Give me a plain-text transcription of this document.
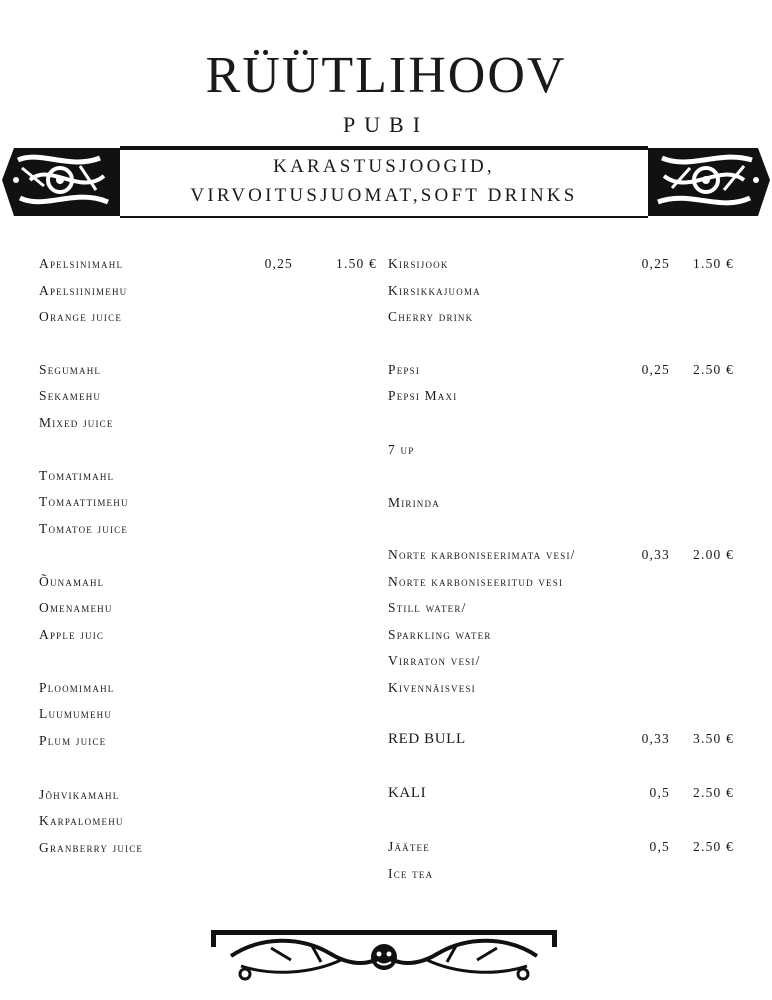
RÜÜTLIHOOV
PUBI
KARASTUSJOOGID,
VIRVOITUSJUOMAT,SOFT DRINKS
Apelsinimahl	0,25	1.50 €
Apelsiinimehu
Orange juice
Segumahl
Sekamehu
Mixed juice
Tomatimahl
Tomaattimehu
Tomatoe juice
Õunamahl
Omenamehu
Apple juic
Ploomimahl
Luumumehu
Plum juice
Jõhvikamahl
Karpalomehu
Granberry juice
Kirsijook	0,25	1.50 €
Kirsikkajuoma
Cherry drink
Pepsi	0,25	2.50 €
Pepsi Maxi
7 up
Mirinda
Norte karboniseerimata vesi/	0,33	2.00 €
Norte karboniseeritud vesi
Still water/
Sparkling water
Virraton vesi/
Kivennäisvesi
RED BULL	0,33	3.50 €
KALI	0,5	2.50 €
Jäätee	0,5	2.50 €
Ice tea
